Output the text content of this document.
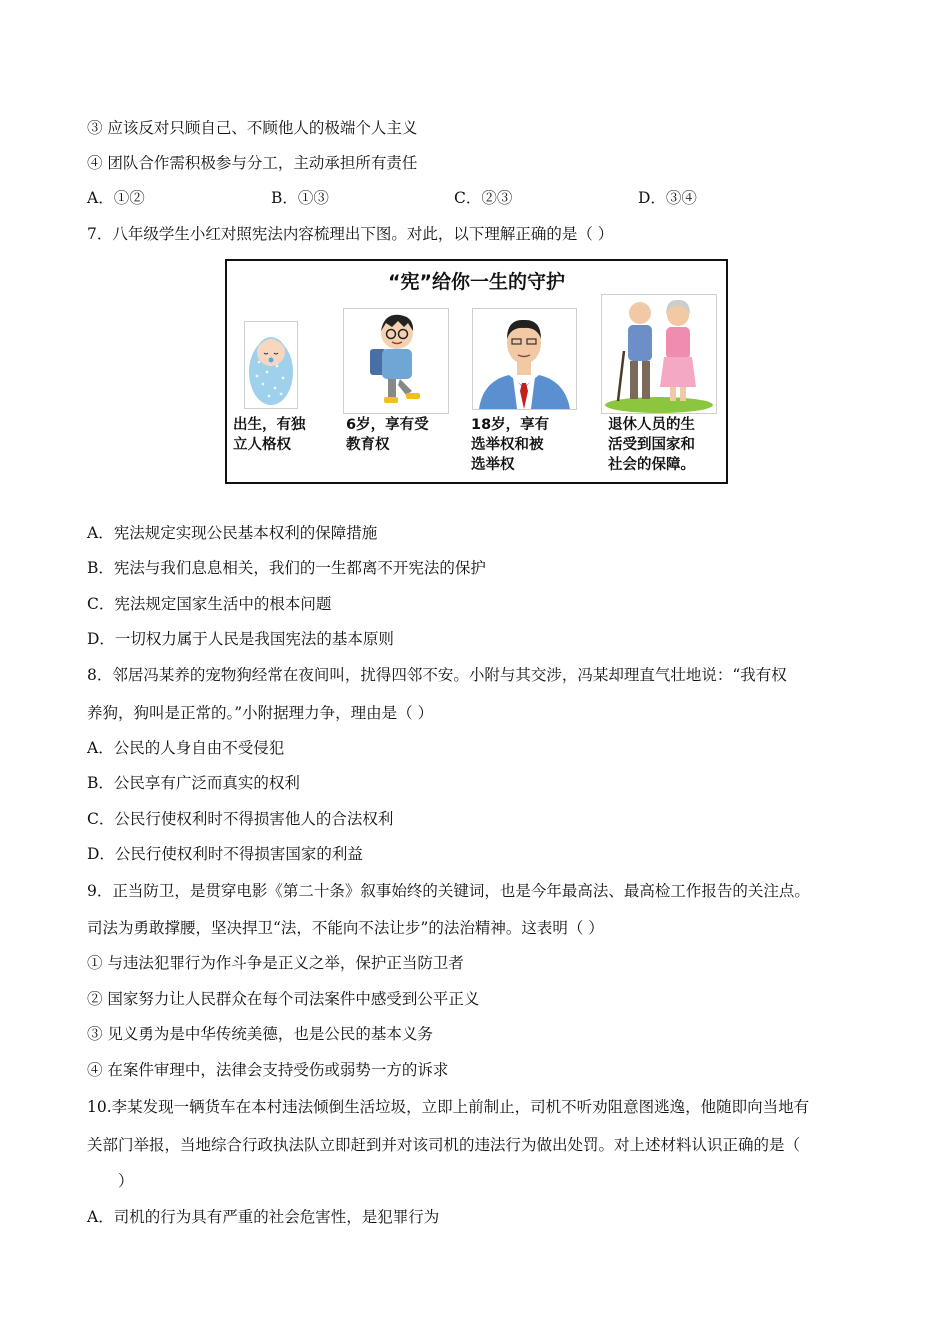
③ 应该反对只顾自己、不顾他人的极端个人主义
④ 团队合作需积极参与分工，主动承担所有责任
A．①②	B．①③	C．②③	D．③④
7．八年级学生小红对照宪法内容梳理出下图。对此，以下理解正确的是（ ）
“宪”给你一生的守护
出生，有独
立人格权
6岁，享有受
教育权
18岁，享有
选举权和被
选举权
退休人员的生
活受到国家和
社会的保障。
A．宪法规定实现公民基本权利的保障措施
B．宪法与我们息息相关，我们的一生都离不开宪法的保护
C．宪法规定国家生活中的根本问题
D．一切权力属于人民是我国宪法的基本原则
8．邻居冯某养的宠物狗经常在夜间叫，扰得四邻不安。小附与其交涉，冯某却理直气壮地说：“我有权
养狗，狗叫是正常的。”小附据理力争，理由是（ ）
A．公民的人身自由不受侵犯
B．公民享有广泛而真实的权利
C．公民行使权利时不得损害他人的合法权利
D．公民行使权利时不得损害国家的利益
9．正当防卫，是贯穿电影《第二十条》叙事始终的关键词，也是今年最高法、最高检工作报告的关注点。
司法为勇敢撑腰，坚决捍卫“法，不能向不法让步”的法治精神。这表明（ ）
① 与违法犯罪行为作斗争是正义之举，保护正当防卫者
② 国家努力让人民群众在每个司法案件中感受到公平正义
③ 见义勇为是中华传统美德，也是公民的基本义务
④ 在案件审理中，法律会支持受伤或弱势一方的诉求
10.李某发现一辆货车在本村违法倾倒生活垃圾，立即上前制止，司机不听劝阻意图逃逸，他随即向当地有
关部门举报，当地综合行政执法队立即赶到并对该司机的违法行为做出处罚。对上述材料认识正确的是（
）
A．司机的行为具有严重的社会危害性，是犯罪行为
